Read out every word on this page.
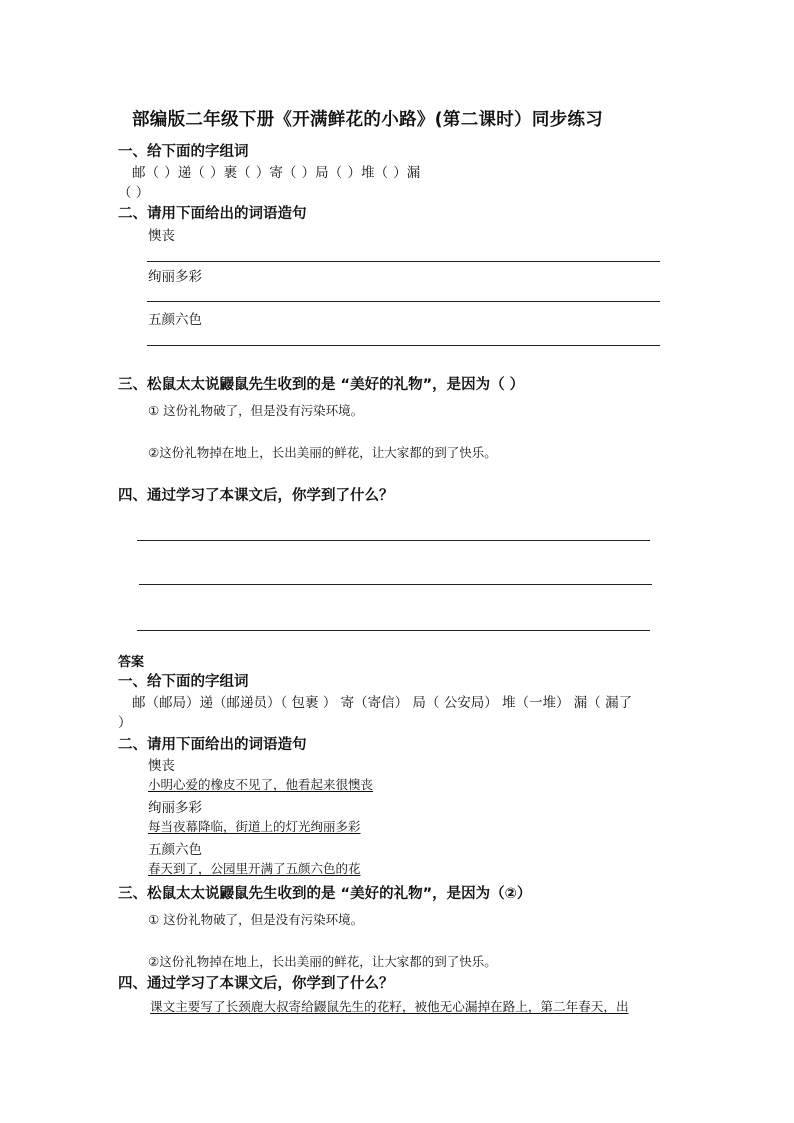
部编版二年级下册《开满鲜花的小路》(第二课时）同步练习
一、给下面的字组词
邮（ ）递（ ）裹（ ）寄（ ）局（ ）堆（ ）漏
（ ）
二、请用下面给出的词语造句
懊丧
绚丽多彩
五颜六色
三、松鼠太太说鼹鼠先生收到的是 “美好的礼物”，是因为（ ）
① 这份礼物破了，但是没有污染环境。
②这份礼物掉在地上，长出美丽的鲜花，让大家都的到了快乐。
四、通过学习了本课文后，你学到了什么？
答案
一、给下面的字组词
邮（邮局）递（邮递员）（ 包裹 ） 寄（寄信） 局（ 公安局） 堆（一堆） 漏（ 漏了
）
二、请用下面给出的词语造句
懊丧
小明心爱的橡皮不见了，他看起来很懊丧
绚丽多彩
每当夜幕降临，街道上的灯光绚丽多彩
五颜六色
春天到了，公园里开满了五颜六色的花
三、松鼠太太说鼹鼠先生收到的是 “美好的礼物”，是因为（②）
① 这份礼物破了，但是没有污染环境。
②这份礼物掉在地上，长出美丽的鲜花，让大家都的到了快乐。
四、通过学习了本课文后，你学到了什么？
课文主要写了长颈鹿大叔寄给鼹鼠先生的花籽，被他无心漏掉在路上，第二年春天，出
